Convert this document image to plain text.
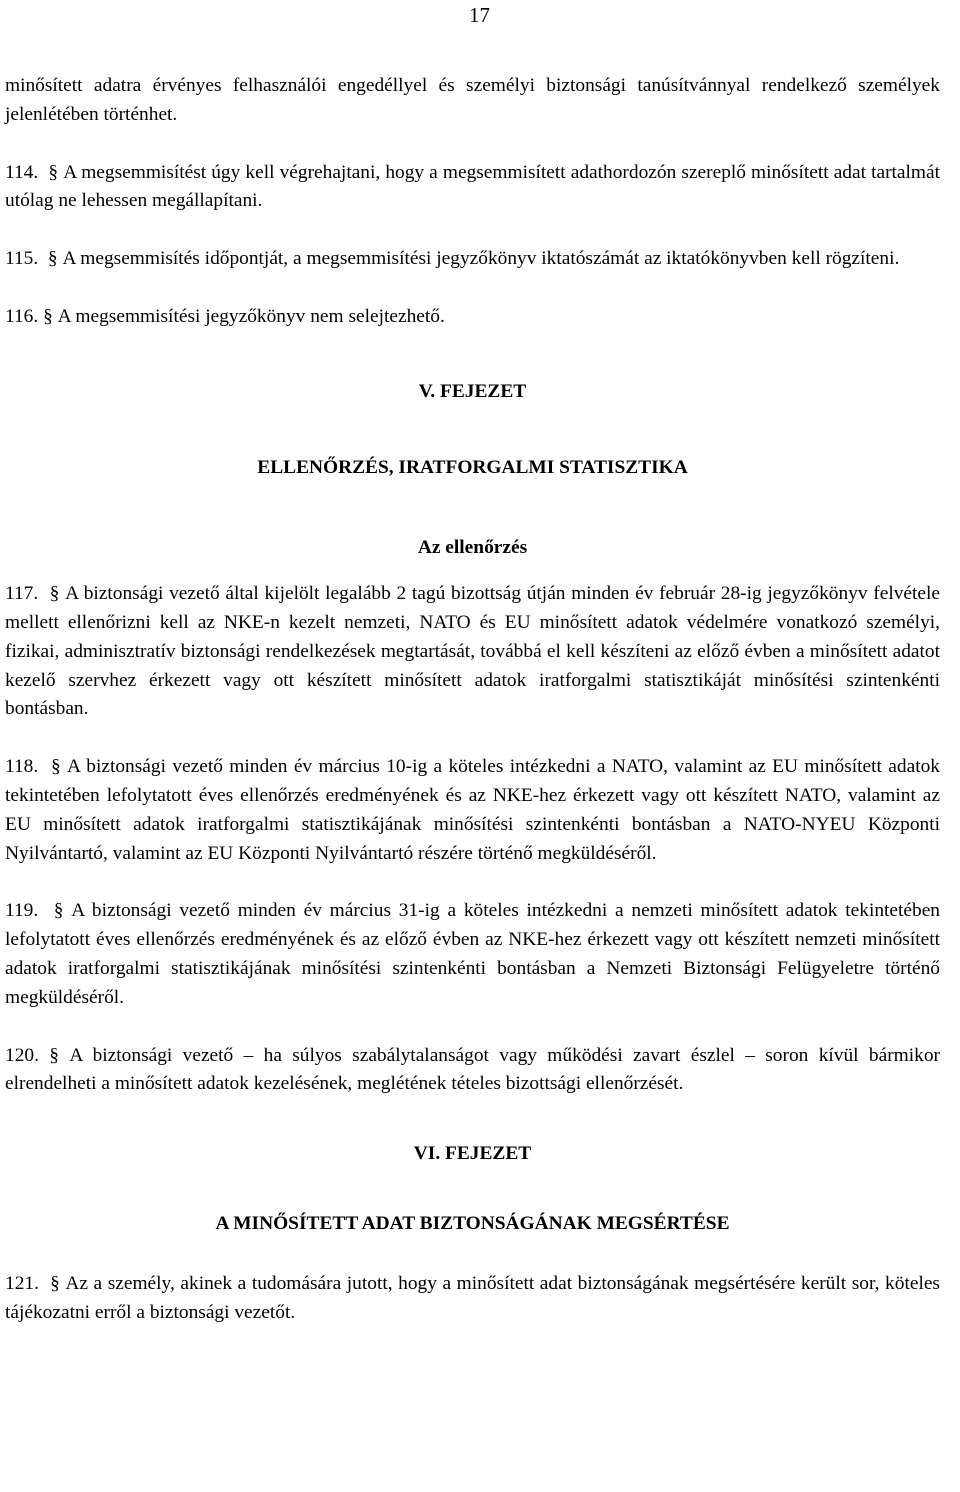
17

minősített adatra érvényes felhasználói engedéllyel és személyi biztonsági tanúsítvánnyal rendelkező személyek jelenlétében történhet.

114. § A megsemmisítést úgy kell végrehajtani, hogy a megsemmisített adathordozón szereplő minősített adat tartalmát utólag ne lehessen megállapítani.

115. § A megsemmisítés időpontját, a megsemmisítési jegyzőkönyv iktatószámát az iktatókönyvben kell rögzíteni.

116. § A megsemmisítési jegyzőkönyv nem selejtezhető.

V. FEJEZET

ELLENŐRZÉS, IRATFORGALMI STATISZTIKA

Az ellenőrzés

117. § A biztonsági vezető által kijelölt legalább 2 tagú bizottság útján minden év február 28-ig jegyzőkönyv felvétele mellett ellenőrizni kell az NKE-n kezelt nemzeti, NATO és EU minősített adatok védelmére vonatkozó személyi, fizikai, adminisztratív biztonsági rendelkezések megtartását, továbbá el kell készíteni az előző évben a minősített adatot kezelő szervhez érkezett vagy ott készített minősített adatok iratforgalmi statisztikáját minősítési szintenkénti bontásban.

118. § A biztonsági vezető minden év március 10-ig a köteles intézkedni a NATO, valamint az EU minősített adatok tekintetében lefolytatott éves ellenőrzés eredményének és az NKE-hez érkezett vagy ott készített NATO, valamint az EU minősített adatok iratforgalmi statisztikájának minősítési szintenkénti bontásban a NATO-NYEU Központi Nyilvántartó, valamint az EU Központi Nyilvántartó részére történő megküldéséről.

119. § A biztonsági vezető minden év március 31-ig a köteles intézkedni a nemzeti minősített adatok tekintetében lefolytatott éves ellenőrzés eredményének és az előző évben az NKE-hez érkezett vagy ott készített nemzeti minősített adatok iratforgalmi statisztikájának minősítési szintenkénti bontásban a Nemzeti Biztonsági Felügyeletre történő megküldéséről.

120. § A biztonsági vezető – ha súlyos szabálytalanságot vagy működési zavart észlel – soron kívül bármikor elrendelheti a minősített adatok kezelésének, meglétének tételes bizottsági ellenőrzését.

VI. FEJEZET

A MINŐSÍTETT ADAT BIZTONSÁGÁNAK MEGSÉRTÉSE

121. § Az a személy, akinek a tudomására jutott, hogy a minősített adat biztonságának megsértésére került sor, köteles tájékozatni erről a biztonsági vezetőt.
